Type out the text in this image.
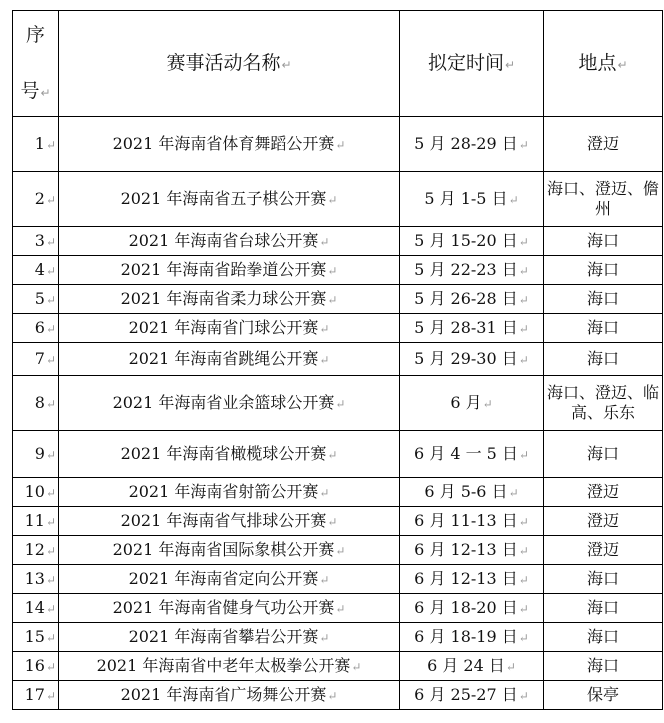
序

号↵	赛事活动名称↵	拟定时间↵	地点↵
1↵	2021 年海南省体育舞蹈公开赛↵	5 月 28-29 日↵	澄迈
2↵	2021 年海南省五子棋公开赛↵	5 月 1-5 日↵	海口、澄迈、儋州
3↵	2021 年海南省台球公开赛↵	5 月 15-20 日↵	海口
4↵	2021 年海南省跆拳道公开赛↵	5 月 22-23 日↵	海口
5↵	2021 年海南省柔力球公开赛↵	5 月 26-28 日↵	海口
6↵	2021 年海南省门球公开赛↵	5 月 28-31 日↵	海口
7↵	2021 年海南省跳绳公开赛↵	5 月 29-30 日↵	海口
8↵	2021 年海南省业余篮球公开赛↵	6 月↵	海口、澄迈、临高、乐东
9↵	2021 年海南省橄榄球公开赛↵	6 月 4 一 5 日↵	海口
10↵	2021 年海南省射箭公开赛↵	6 月 5-6 日↵	澄迈
11↵	2021 年海南省气排球公开赛↵	6 月 11-13 日↵	澄迈
12↵	2021 年海南省国际象棋公开赛↵	6 月 12-13 日↵	澄迈
13↵	2021 年海南省定向公开赛↵	6 月 12-13 日↵	海口
14↵	2021 年海南省健身气功公开赛↵	6 月 18-20 日↵	海口
15↵	2021 年海南省攀岩公开赛↵	6 月 18-19 日↵	海口
16↵	2021 年海南省中老年太极拳公开赛↵	6 月 24 日↵	海口
17↵	2021 年海南省广场舞公开赛↵	6 月 25-27 日↵	保亭
